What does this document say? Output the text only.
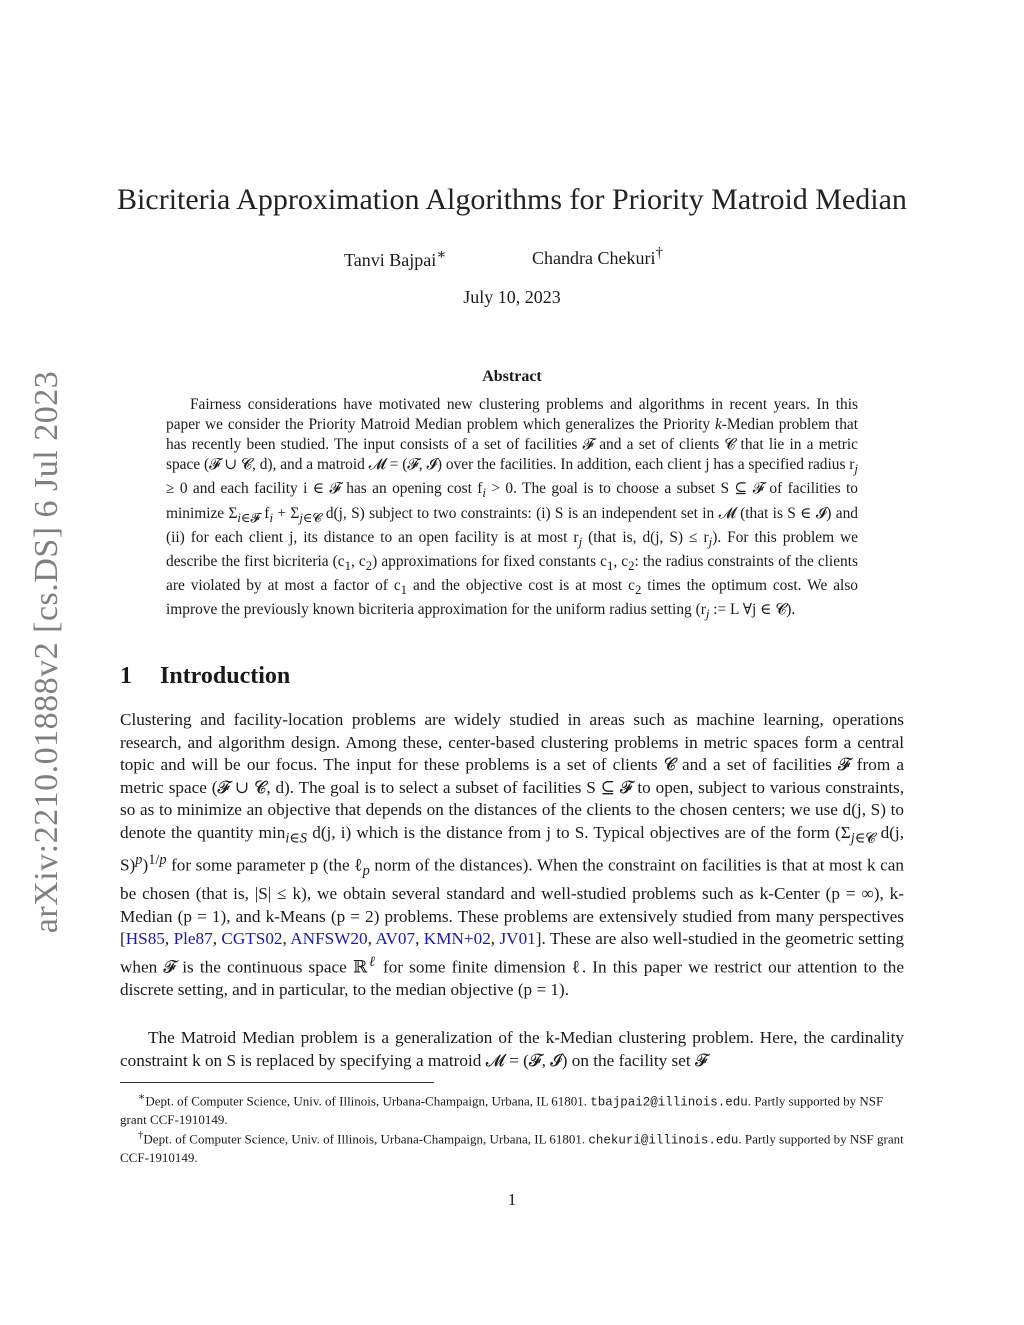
arXiv:2210.01888v2 [cs.DS] 6 Jul 2023
Bicriteria Approximation Algorithms for Priority Matroid Median
Tanvi Bajpai∗	Chandra Chekuri†
July 10, 2023
Abstract

Fairness considerations have motivated new clustering problems and algorithms in recent years. In this paper we consider the Priority Matroid Median problem which generalizes the Priority k-Median problem that has recently been studied. The input consists of a set of facilities 𝓕 and a set of clients 𝓒 that lie in a metric space (𝓕 ∪ 𝓒, d), and a matroid 𝓜 = (𝓕, 𝓘) over the facilities. In addition, each client j has a specified radius $r_j \ge 0$ and each facility i ∈ 𝓕 has an opening cost $f_i > 0$. The goal is to choose a subset S ⊆ 𝓕 of facilities to minimize $\Sigma_{i\in 𝓕}$ $f_i + \Sigma_{j\in 𝓒}$ d(j, S) subject to two constraints: (i) S is an independent set in 𝓜 (that is S ∈ 𝓘) and (ii) for each client j, its distance to an open facility is at most $r_j$ (that is, d(j, $S) \le r_j$). For this problem we describe the first bicriteria ($c_1$, $c_2$) approximations for fixed constants $c_1$, $c_2$: the radius constraints of the clients are violated by at most a factor of $c_1$ and the objective cost is at most $c_2$ times the optimum cost. We also improve the previously known bicriteria approximation for the uniform radius setting ($r_j$ := L ∀j ∈ 𝓒).

1 Introduction

Clustering and facility-location problems are widely studied in areas such as machine learning, operations research, and algorithm design. Among these, center-based clustering problems in metric spaces form a central topic and will be our focus. The input for these problems is a set of clients 𝓒 and a set of facilities 𝓕 from a metric space (𝓕 ∪ 𝓒, d). The goal is to select a subset of facilities S ⊆ 𝓕 to open, subject to various constraints, so as to minimize an objective that depends on the distances of the clients to the chosen centers; we use d(j, S) to denote the quantity $\min_{i\in S} d(j$, i) which is the distance from j to S. Typical objectives are of the form ($\Sigma_{j\in 𝓒}$ d(j, S)$^p$)$^{1/p}$ for some parameter p (the ℓ$_p$ norm of the distances). When the constraint on facilities is that at most k can be chosen (that is, |S| ≤ k), we obtain several standard and well-studied problems such as k-Center (p = ∞), k-Median (p = 1), and k-Means (p = 2) problems. These problems are extensively studied from many perspectives [HS85, Ple87, CGTS02, ANFSW20, AV07, KMN+02, JV01]. These are also well-studied in the geometric setting when 𝓕 is the continuous space ℝ$^\ell$ for some finite dimension ℓ. In this paper we restrict our attention to the discrete setting, and in particular, to the median objective (p = 1).

The Matroid Median problem is a generalization of the k-Median clustering problem. Here, the cardinality constraint k on S is replaced by specifying a matroid 𝓜 = (𝓕, 𝓘) on the facility set 𝓕

∗Dept. of Computer Science, Univ. of Illinois, Urbana-Champaign, Urbana, IL 61801. tbajpai2@illinois.edu. Partly supported by NSF grant CCF-1910149.

†Dept. of Computer Science, Univ. of Illinois, Urbana-Champaign, Urbana, IL 61801. chekuri@illinois.edu. Partly supported by NSF grant CCF-1910149.

1
